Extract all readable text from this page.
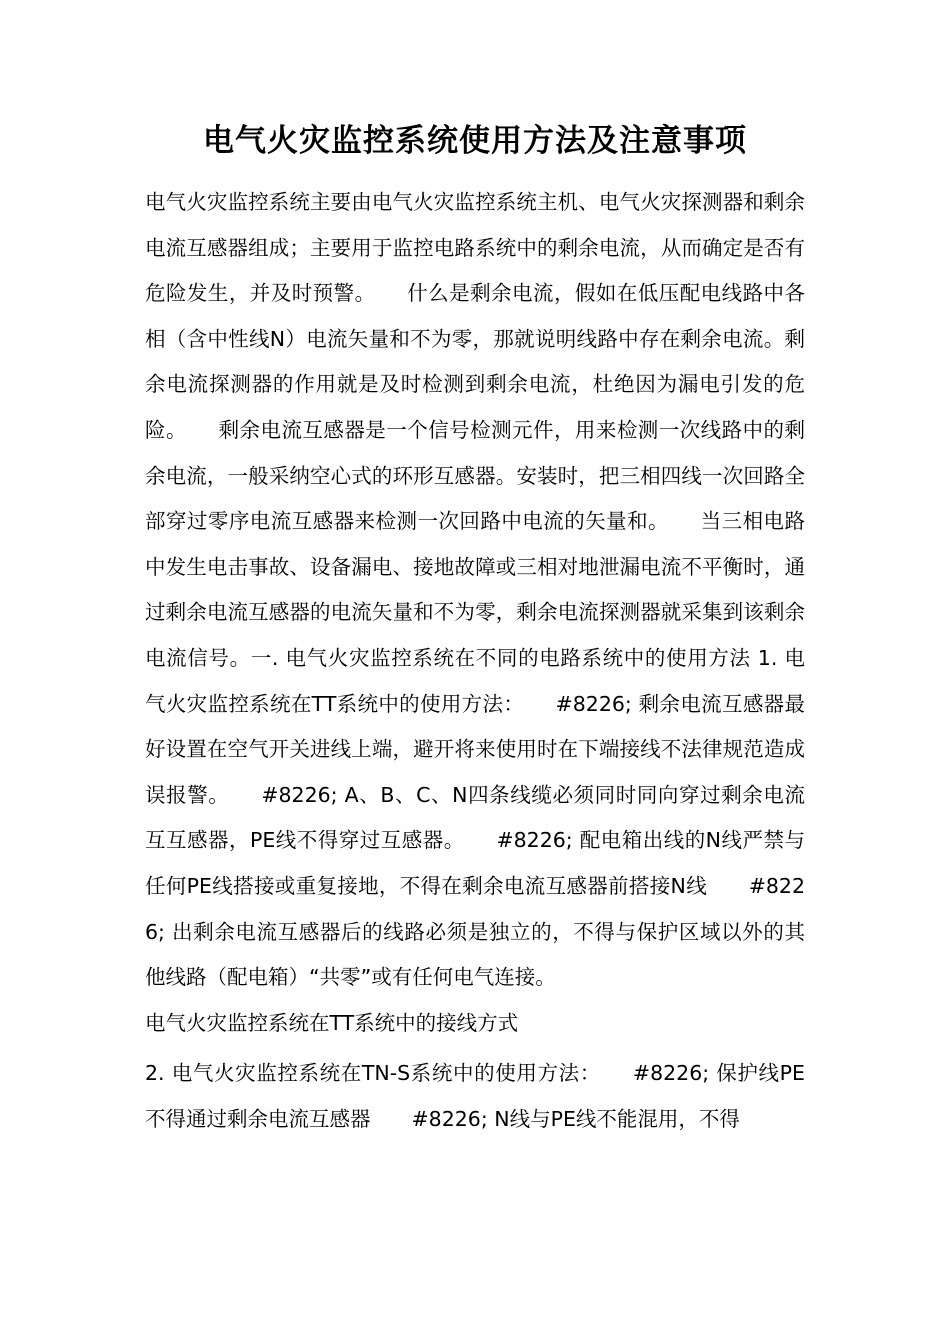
电气火灾监控系统使用方法及注意事项

电气火灾监控系统主要由电气火灾监控系统主机、电气火灾探测器和剩余电流互感器组成；主要用于监控电路系统中的剩余电流，从而确定是否有危险发生，并及时预警。　　什么是剩余电流，假如在低压配电线路中各相（含中性线N）电流矢量和不为零，那就说明线路中存在剩余电流。剩余电流探测器的作用就是及时检测到剩余电流，杜绝因为漏电引发的危险。　　剩余电流互感器是一个信号检测元件，用来检测一次线路中的剩余电流，一般采纳空心式的环形互感器。安装时，把三相四线一次回路全部穿过零序电流互感器来检测一次回路中电流的矢量和。　　当三相电路中发生电击事故、设备漏电、接地故障或三相对地泄漏电流不平衡时，通过剩余电流互感器的电流矢量和不为零，剩余电流探测器就采集到该剩余电流信号。一. 电气火灾监控系统在不同的电路系统中的使用方法 1. 电气火灾监控系统在TT系统中的使用方法：　　#8226; 剩余电流互感器最好设置在空气开关进线上端，避开将来使用时在下端接线不法律规范造成误报警。　　#8226; A、B、C、N四条线缆必须同时同向穿过剩余电流互互感器，PE线不得穿过互感器。　　#8226; 配电箱出线的N线严禁与任何PE线搭接或重复接地，不得在剩余电流互感器前搭接N线　　#8226; 出剩余电流互感器后的线路必须是独立的，不得与保护区域以外的其他线路（配电箱）“共零”或有任何电气连接。

电气火灾监控系统在TT系统中的接线方式

2. 电气火灾监控系统在TN-S系统中的使用方法：　　#8226; 保护线PE不得通过剩余电流互感器　　#8226; N线与PE线不能混用，不得
